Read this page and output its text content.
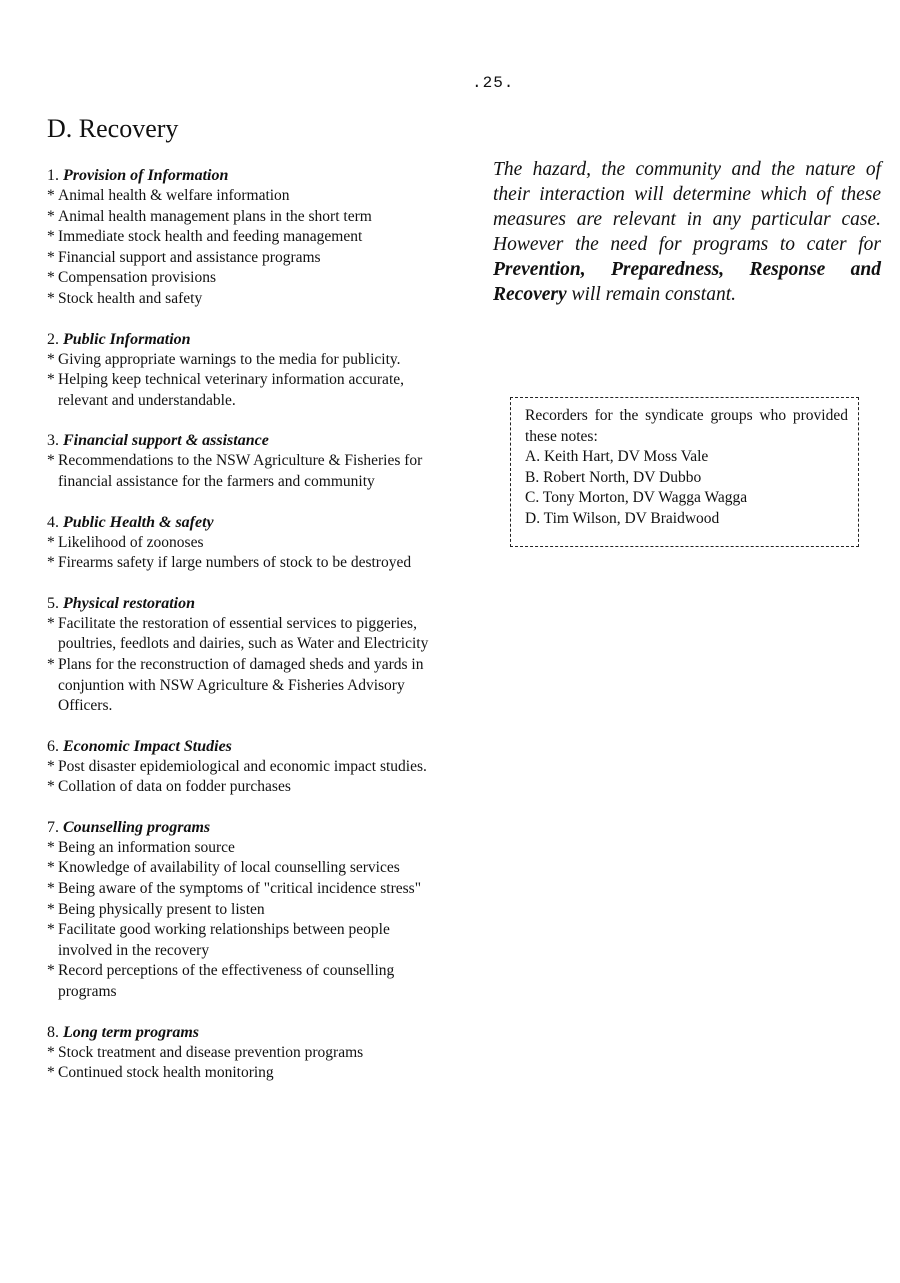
.25.
D. Recovery
1. Provision of Information
* Animal health & welfare information
* Animal health management plans in the short term
* Immediate stock health and feeding management
* Financial support and assistance programs
* Compensation provisions
* Stock health and safety
2. Public Information
* Giving appropriate warnings to the media for publicity.
* Helping keep technical veterinary information accurate, relevant and understandable.
3. Financial support & assistance
* Recommendations to the NSW Agriculture & Fisheries for financial assistance for the farmers and community
4. Public Health & safety
* Likelihood of zoonoses
* Firearms safety if large numbers of stock to be destroyed
5. Physical restoration
* Facilitate the restoration of essential services to piggeries, poultries, feedlots and dairies, such as Water and Electricity
* Plans for the reconstruction of damaged sheds and yards in conjuntion with NSW Agriculture & Fisheries Advisory Officers.
6. Economic Impact Studies
* Post disaster epidemiological and economic impact studies.
* Collation of data on fodder purchases
7. Counselling programs
* Being an information source
* Knowledge of availability of local counselling services
* Being aware of the symptoms of "critical incidence stress"
* Being physically present to listen
* Facilitate good working relationships between people involved in the recovery
* Record perceptions of the effectiveness of counselling programs
8. Long term programs
* Stock treatment and disease prevention programs
* Continued stock health monitoring

The hazard, the community and the nature of their interaction will determine which of these measures are relevant in any particular case. However the need for programs to cater for Prevention, Preparedness, Response and Recovery will remain constant.

Recorders for the syndicate groups who provided these notes:
A. Keith Hart, DV Moss Vale
B. Robert North, DV Dubbo
C. Tony Morton, DV Wagga Wagga
D. Tim Wilson, DV Braidwood
